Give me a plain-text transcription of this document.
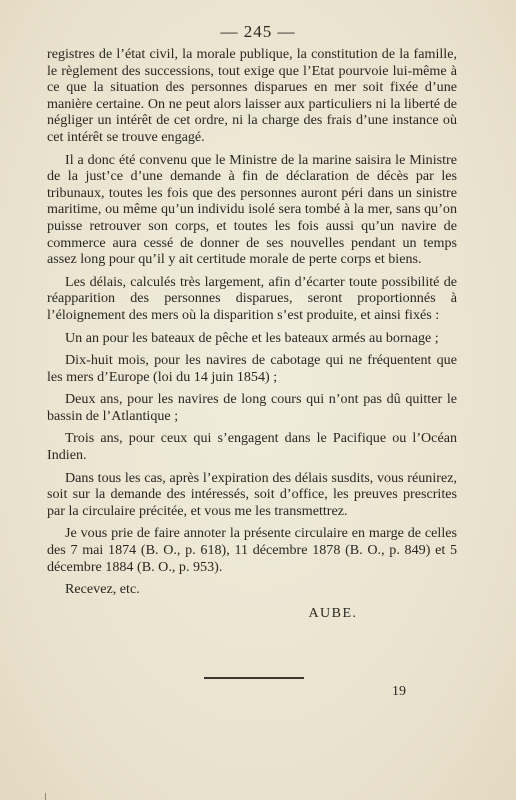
— 245 —

registres de l’état civil, la morale publique, la constitution de la famille, le règlement des successions, tout exige que l’Etat pourvoie lui-même à ce que la situation des personnes disparues en mer soit fixée d’une manière certaine. On ne peut alors laisser aux particuliers ni la liberté de négliger un intérêt de cet ordre, ni la charge des frais d’une instance où cet intérêt se trouve engagé.

Il a donc été convenu que le Ministre de la marine saisira le Ministre de la just’ce d’une demande à fin de déclaration de décès par les tribunaux, toutes les fois que des personnes auront péri dans un sinistre maritime, ou même qu’un individu isolé sera tombé à la mer, sans qu’on puisse retrouver son corps, et toutes les fois aussi qu’un navire de commerce aura cessé de donner de ses nouvelles pendant un temps assez long pour qu’il y ait certitude morale de perte corps et biens.

Les délais, calculés très largement, afin d’écarter toute possibilité de réapparition des personnes disparues, seront proportionnés à l’éloignement des mers où la disparition s’est produite, et ainsi fixés :

Un an pour les bateaux de pêche et les bateaux armés au bornage ;

Dix-huit mois, pour les navires de cabotage qui ne fréquentent que les mers d’Europe (loi du 14 juin 1854) ;

Deux ans, pour les navires de long cours qui n’ont pas dû quitter le bassin de l’Atlantique ;

Trois ans, pour ceux qui s’engagent dans le Pacifique ou l’Océan Indien.

Dans tous les cas, après l’expiration des délais susdits, vous réunirez, soit sur la demande des intéressés, soit d’office, les preuves prescrites par la circulaire précitée, et vous me les transmettrez.

Je vous prie de faire annoter la présente circulaire en marge de celles des 7 mai 1874 (B. O., p. 618), 11 décembre 1878 (B. O., p. 849) et 5 décembre 1884 (B. O., p. 953).

Recevez, etc.

AUBE.
19
